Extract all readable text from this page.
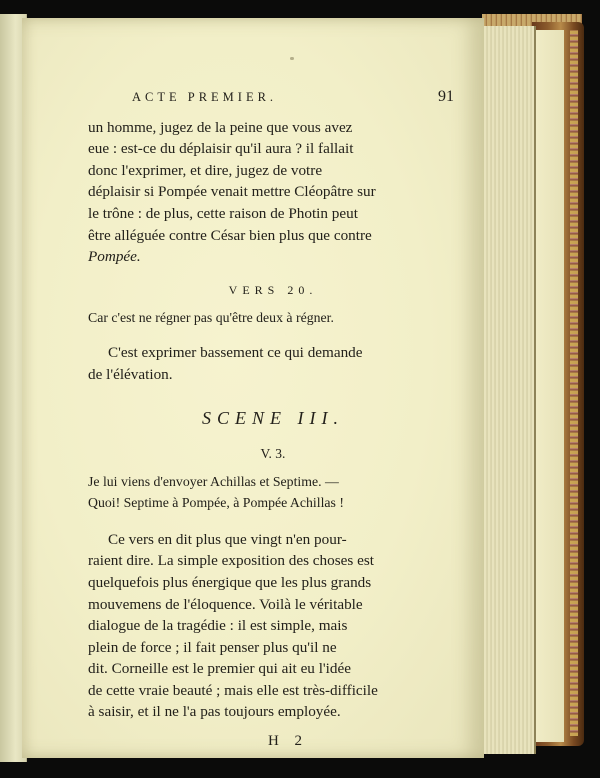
ACTE PREMIER.	91

un homme, jugez de la peine que vous avez

eue : est-ce du déplaisir qu'il aura ? il fallait

donc l'exprimer, et dire, jugez de votre

déplaisir si Pompée venait mettre Cléopâtre sur

le trône : de plus, cette raison de Photin peut

être alléguée contre César bien plus que contre

Pompée.

VERS 20.

Car c'est ne régner pas qu'être deux à régner.

C'est exprimer bassement ce qui demande

de l'élévation.

SCENE III.
V. 3.

Je lui viens d'envoyer Achillas et Septime. —

Quoi! Septime à Pompée, à Pompée Achillas !

Ce vers en dit plus que vingt n'en pour-

raient dire. La simple exposition des choses est

quelquefois plus énergique que les plus grands

mouvemens de l'éloquence. Voilà le véritable

dialogue de la tragédie : il est simple, mais

plein de force ; il fait penser plus qu'il ne

dit. Corneille est le premier qui ait eu l'idée

de cette vraie beauté ; mais elle est très-difficile

à saisir, et il ne l'a pas toujours employée.

H 2
